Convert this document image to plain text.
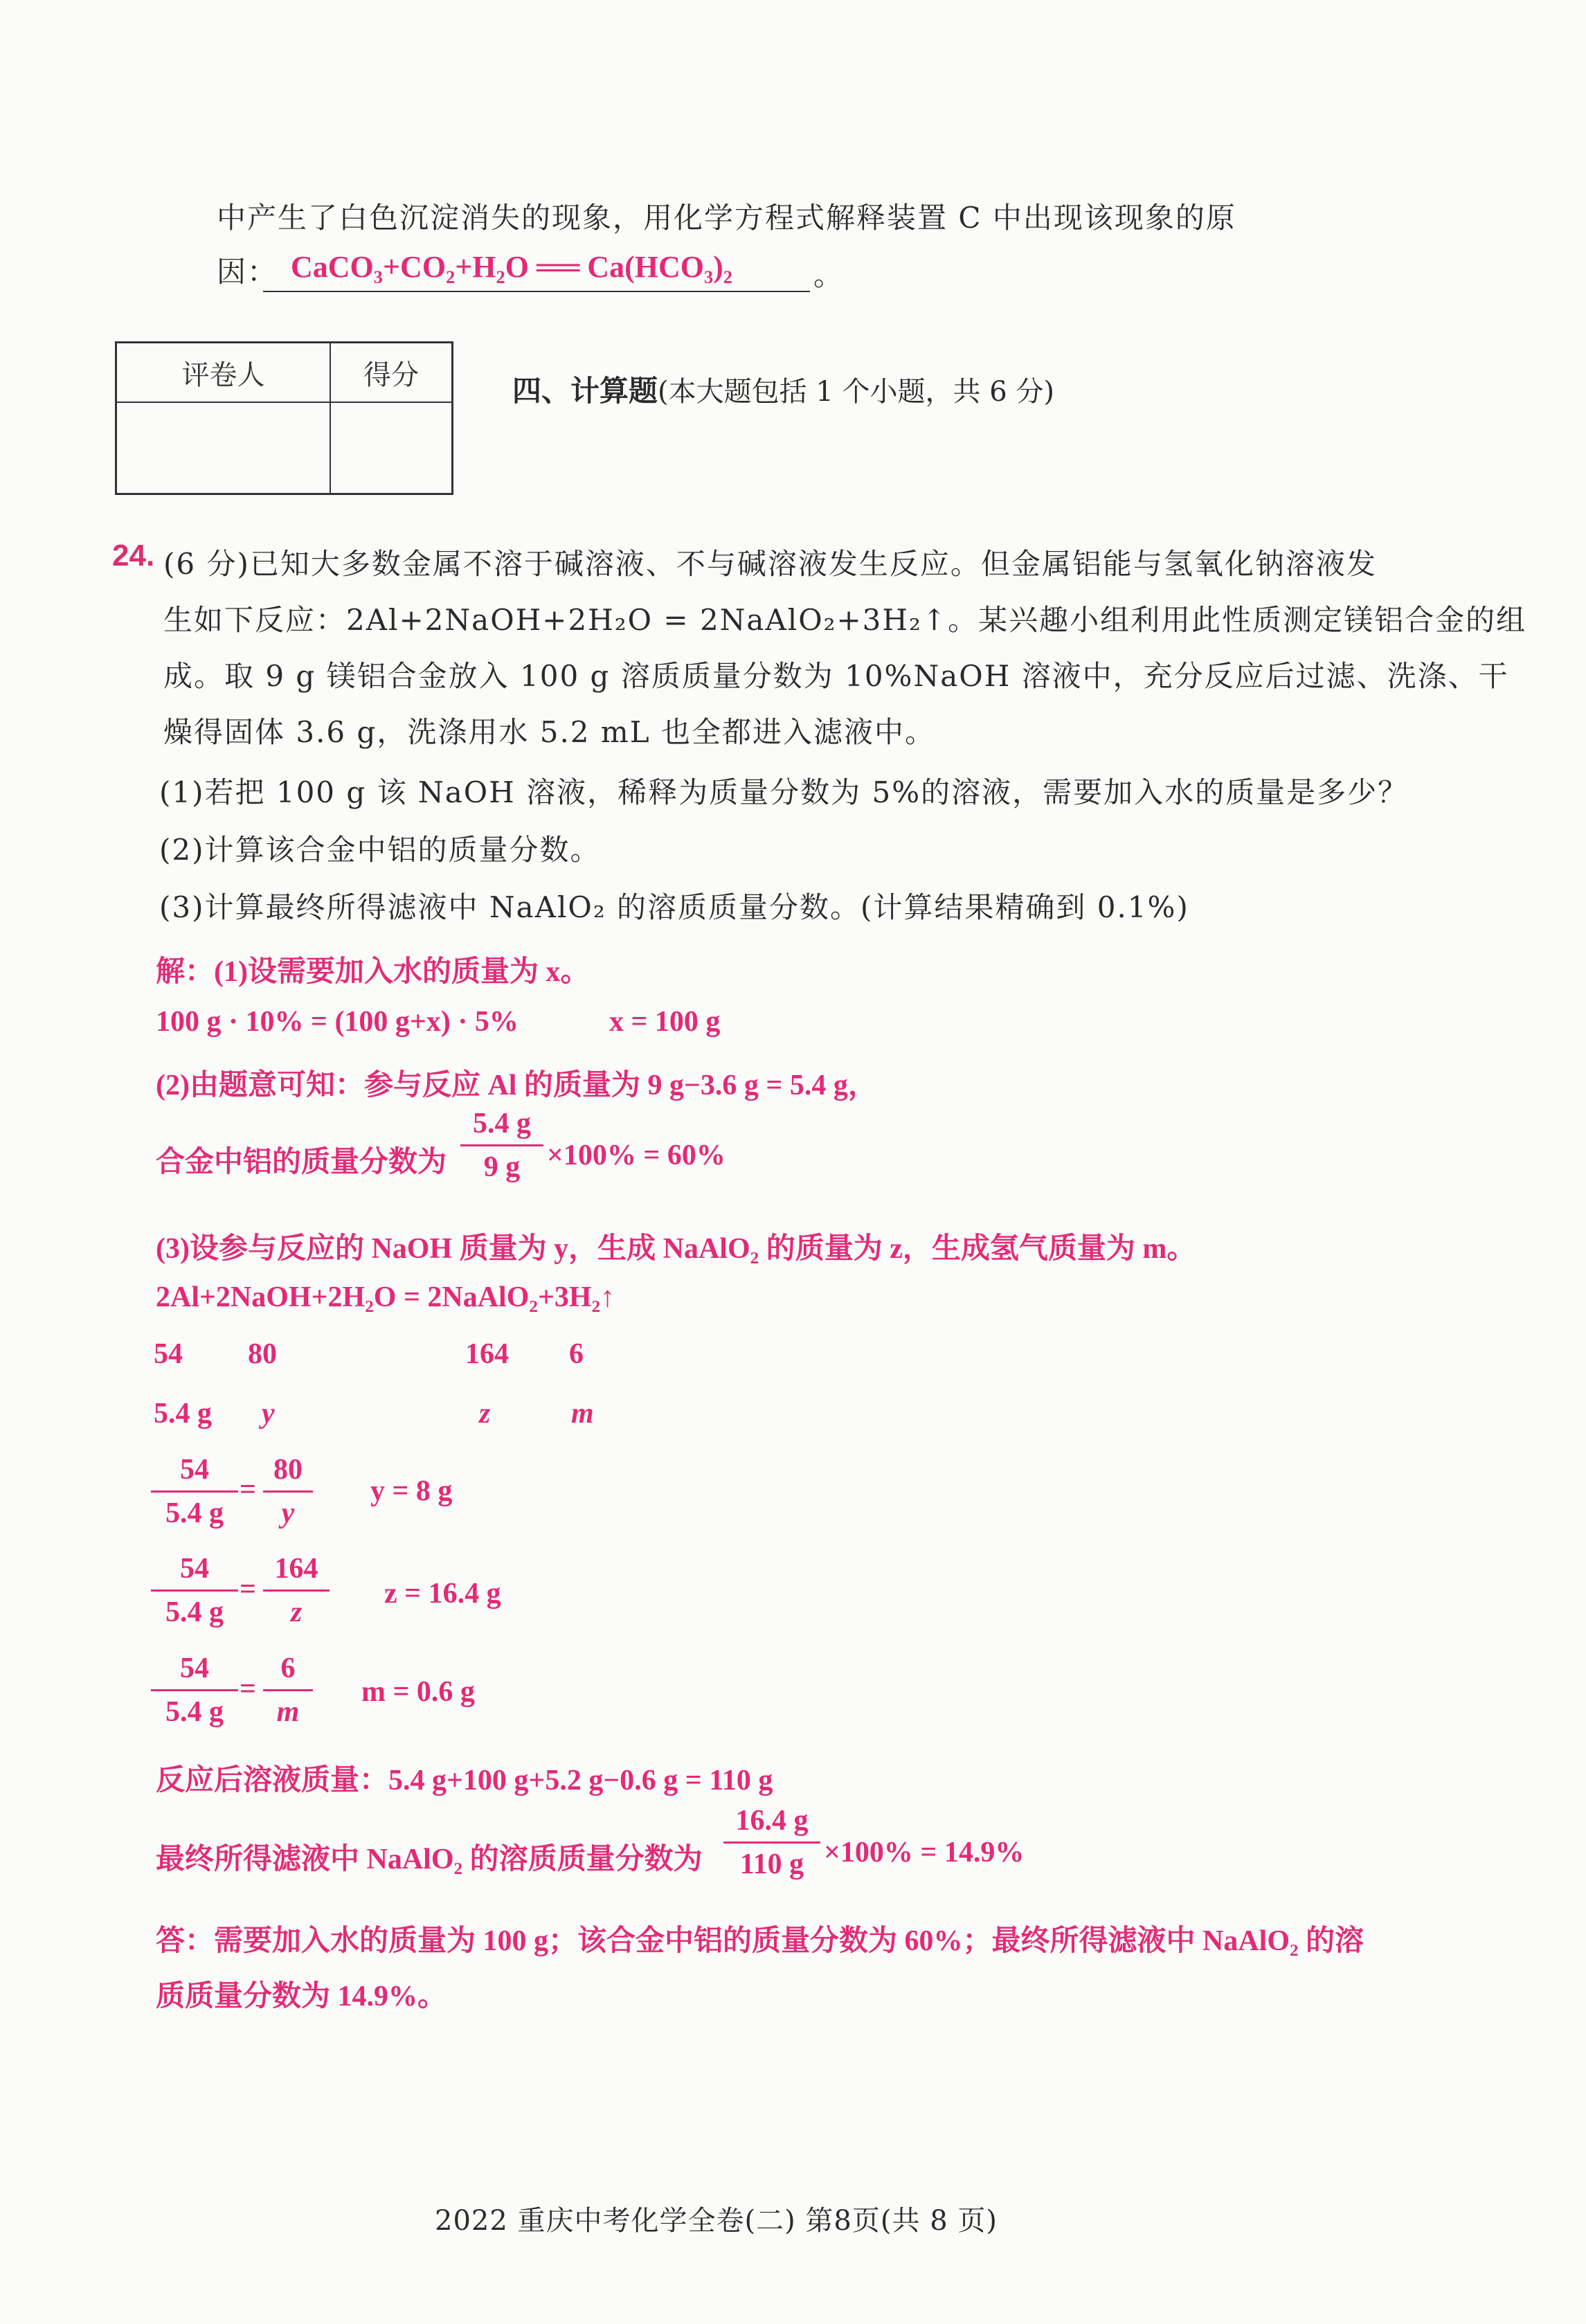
中产生了白色沉淀消失的现象，用化学方程式解释装置 C 中出现该现象的原
因： CaCO₃+CO₂+H₂O ══ Ca(HCO₃)₂	。
评卷人	得分
		四、计算题(本大题包括 1 个小题，共 6 分)
24. (6 分)已知大多数金属不溶于碱溶液、不与碱溶液发生反应。但金属铝能与氢氧化钠溶液发
生如下反应：2Al+2NaOH+2H₂O = 2NaAlO₂+3H₂↑。某兴趣小组利用此性质测定镁铝合金的组
成。取 9 g 镁铝合金放入 100 g 溶质质量分数为 10%NaOH 溶液中，充分反应后过滤、洗涤、干
燥得固体 3.6 g，洗涤用水 5.2 mL 也全都进入滤液中。
(1)若把 100 g 该 NaOH 溶液，稀释为质量分数为 5%的溶液，需要加入水的质量是多少？
(2)计算该合金中铝的质量分数。
(3)计算最终所得滤液中 NaAlO₂ 的溶质质量分数。(计算结果精确到 0.1%)
解：(1)设需要加入水的质量为 x。
100 g · 10% = (100 g+x) · 5%	x = 100 g
(2)由题意可知：参与反应 Al 的质量为 9 g−3.6 g = 5.4 g，
合金中铝的质量分数为
5.4 g
9 g ×100% = 60%
(3)设参与反应的 NaOH 质量为 y，生成 NaAlO₂ 的质量为 z，生成氢气质量为 m。
2Al+2NaOH+2H₂O = 2NaAlO₂+3H₂↑
54 80	164 6
5.4 g y	z	m
54
5.4 g
=
80
y
y = 8 g
54
5.4 g
=
164
z
z = 16.4 g
54
5.4 g
=
6
m
m = 0.6 g
反应后溶液质量：5.4 g+100 g+5.2 g−0.6 g = 110 g
最终所得滤液中 NaAlO₂ 的溶质质量分数为
16.4 g
110 g ×100% = 14.9%
答：需要加入水的质量为 100 g；该合金中铝的质量分数为 60%；最终所得滤液中 NaAlO₂ 的溶
质质量分数为 14.9%。
2022 重庆中考化学全卷(二) 第8页(共 8 页)
